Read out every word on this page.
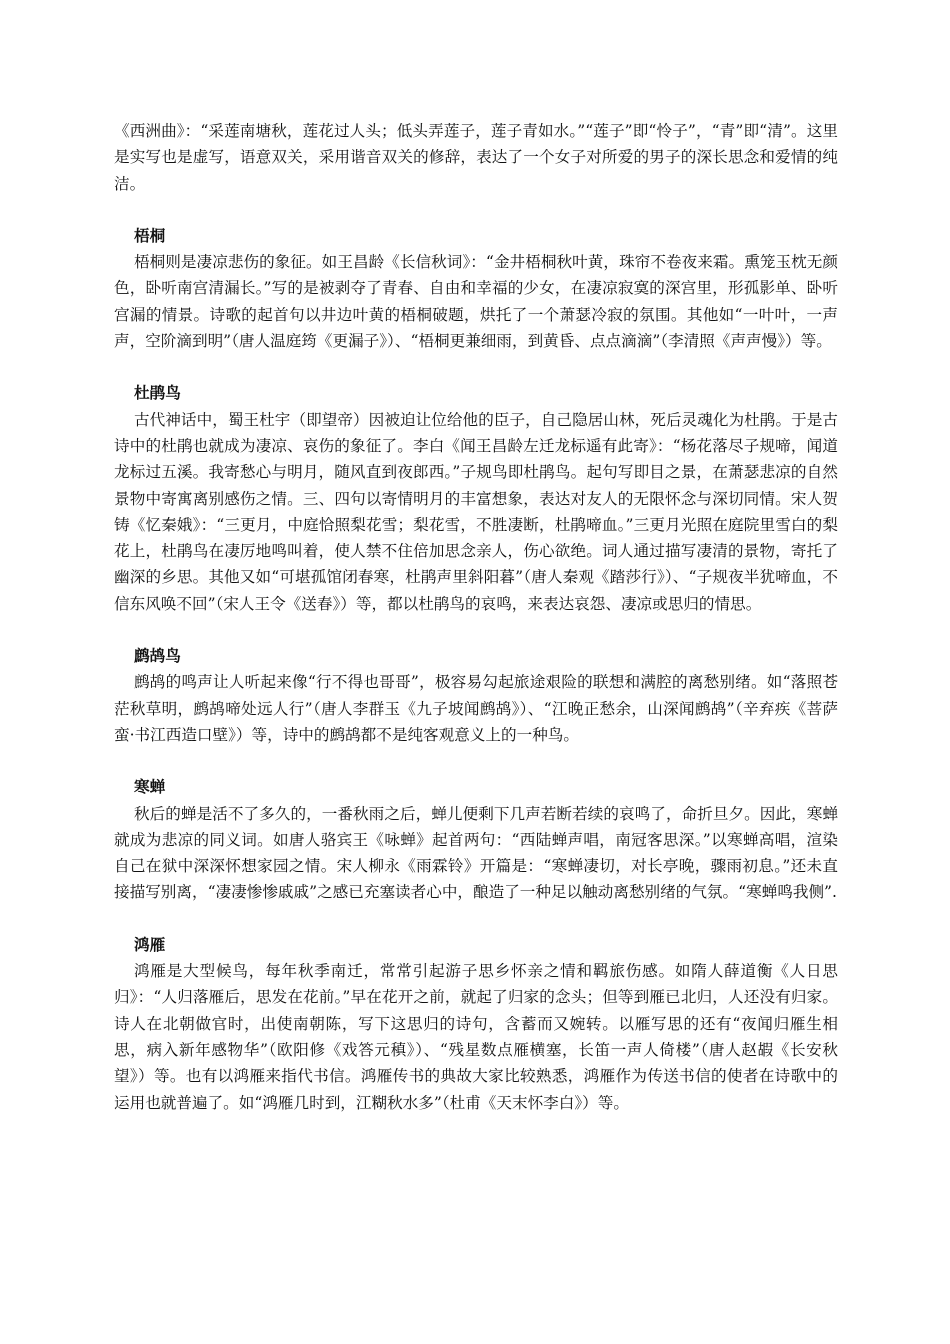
《西洲曲》：“采莲南塘秋，莲花过人头；低头弄莲子，莲子青如水。”“莲子”即“怜子”，“青”即“清”。这里是实写也是虚写，语意双关，采用谐音双关的修辞，表达了一个女子对所爱的男子的深长思念和爱情的纯洁。

梧桐

梧桐则是凄凉悲伤的象征。如王昌龄《长信秋词》：“金井梧桐秋叶黄，珠帘不卷夜来霜。熏笼玉枕无颜色，卧听南宫清漏长。”写的是被剥夺了青春、自由和幸福的少女，在凄凉寂寞的深宫里，形孤影单、卧听宫漏的情景。诗歌的起首句以井边叶黄的梧桐破题，烘托了一个萧瑟冷寂的氛围。其他如“一叶叶，一声声，空阶滴到明”（唐人温庭筠《更漏子》）、“梧桐更兼细雨，到黄昏、点点滴滴”（李清照《声声慢》）等。

杜鹃鸟

古代神话中，蜀王杜宇（即望帝）因被迫让位给他的臣子，自己隐居山林，死后灵魂化为杜鹃。于是古诗中的杜鹃也就成为凄凉、哀伤的象征了。李白《闻王昌龄左迁龙标遥有此寄》：“杨花落尽子规啼，闻道龙标过五溪。我寄愁心与明月，随风直到夜郎西。”子规鸟即杜鹃鸟。起句写即目之景，在萧瑟悲凉的自然景物中寄寓离别感伤之情。三、四句以寄情明月的丰富想象，表达对友人的无限怀念与深切同情。宋人贺铸《忆秦娥》：“三更月，中庭恰照梨花雪；梨花雪，不胜凄断，杜鹃啼血。”三更月光照在庭院里雪白的梨花上，杜鹃鸟在凄厉地鸣叫着，使人禁不住倍加思念亲人，伤心欲绝。词人通过描写凄清的景物，寄托了幽深的乡思。其他又如“可堪孤馆闭春寒，杜鹃声里斜阳暮”（唐人秦观《踏莎行》）、“子规夜半犹啼血，不信东风唤不回”（宋人王令《送春》）等，都以杜鹃鸟的哀鸣，来表达哀怨、凄凉或思归的情思。

鹧鸪鸟

鹧鸪的鸣声让人听起来像“行不得也哥哥”，极容易勾起旅途艰险的联想和满腔的离愁别绪。如“落照苍茫秋草明，鹧鸪啼处远人行”（唐人李群玉《九子坡闻鹧鸪》）、“江晚正愁余，山深闻鹧鸪”（辛弃疾《菩萨蛮·书江西造口壁》）等，诗中的鹧鸪都不是纯客观意义上的一种鸟。

寒蝉

秋后的蝉是活不了多久的，一番秋雨之后，蝉儿便剩下几声若断若续的哀鸣了，命折旦夕。因此，寒蝉就成为悲凉的同义词。如唐人骆宾王《咏蝉》起首两句：“西陆蝉声唱，南冠客思深。”以寒蝉高唱，渲染自己在狱中深深怀想家园之情。宋人柳永《雨霖铃》开篇是：“寒蝉凄切，对长亭晚，骤雨初息。”还未直接描写别离，“凄凄惨惨戚戚”之感已充塞读者心中，酿造了一种足以触动离愁别绪的气氛。“寒蝉鸣我侧”.

鸿雁

鸿雁是大型候鸟，每年秋季南迁，常常引起游子思乡怀亲之情和羁旅伤感。如隋人薛道衡《人日思归》：“人归落雁后，思发在花前。”早在花开之前，就起了归家的念头；但等到雁已北归，人还没有归家。诗人在北朝做官时，出使南朝陈，写下这思归的诗句，含蓄而又婉转。以雁写思的还有“夜闻归雁生相思，病入新年感物华”（欧阳修《戏答元稹》）、“残星数点雁横塞，长笛一声人倚楼”（唐人赵嘏《长安秋望》）等。也有以鸿雁来指代书信。鸿雁传书的典故大家比较熟悉，鸿雁作为传送书信的使者在诗歌中的运用也就普遍了。如“鸿雁几时到，江糊秋水多”（杜甫《天末怀李白》）等。
